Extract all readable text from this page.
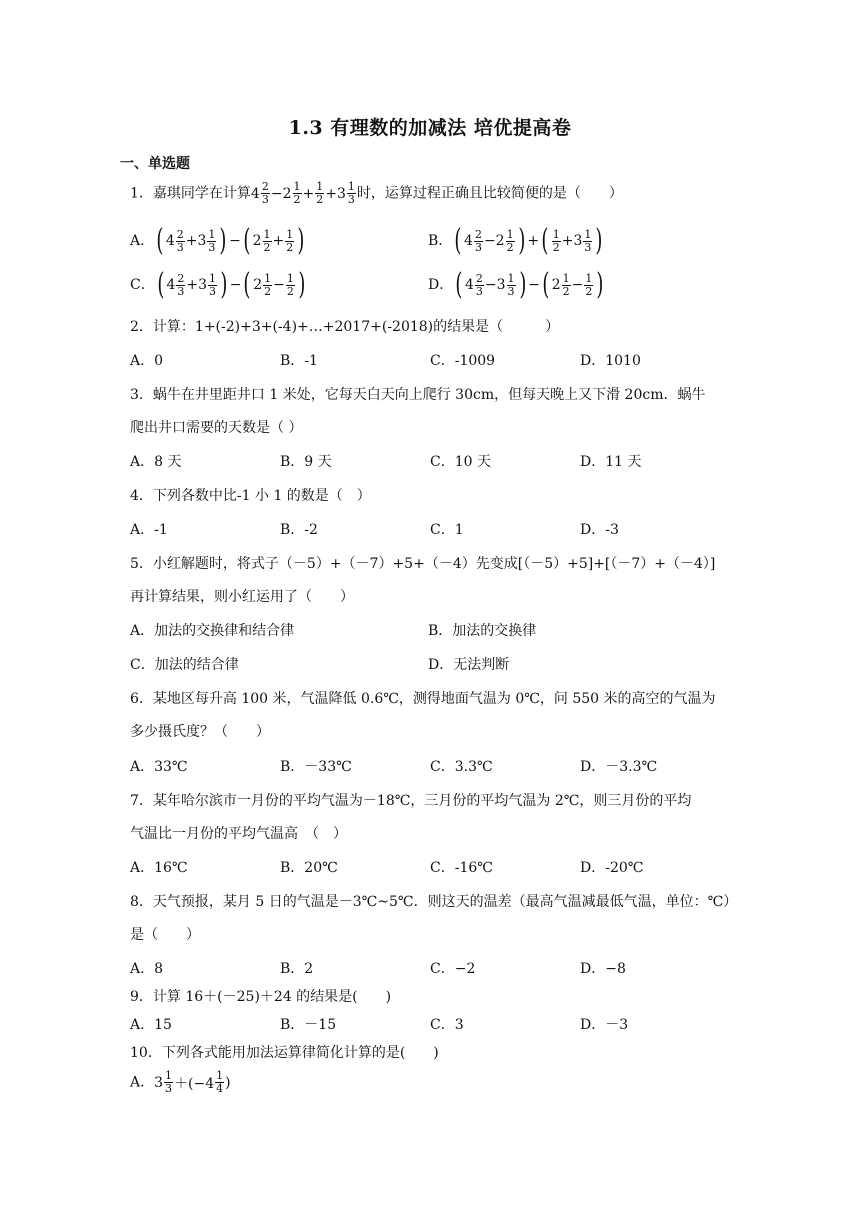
1.3 有理数的加减法 培优提高卷
一、单选题
1．嘉琪同学在计算 $4 \frac{2}{3} - 2 \frac{1}{2} + \frac{1}{2} + 3 \frac{1}{3}$ 时，运算过程正确且比较简便的是（　　）
A． ( $4 \frac{2}{3} + 3 \frac{1}{3}$ ) − ( $2 \frac{1}{2} + \frac{1}{2}$ )	B． ( $4 \frac{2}{3} - 2 \frac{1}{2}$ ) + ( $\frac{1}{2} + 3 \frac{1}{3}$ )
C． ( $4 \frac{2}{3} + 3 \frac{1}{3}$ ) − ( $2 \frac{1}{2} - \frac{1}{2}$ )	D． ( $4 \frac{2}{3} - 3 \frac{1}{3}$ ) − ( $2 \frac{1}{2} - \frac{1}{2}$ )
2．计算：1+(-2)+3+(-4)+…+2017+(-2018)的结果是（　　　）
A．0	B．-1	C．-1009	D．1010
3．蜗牛在井里距井口 1 米处，它每天白天向上爬行 30cm，但每天晚上又下滑 20cm．蜗牛
爬出井口需要的天数是（ ）
A．8 天	B．9 天	C．10 天	D．11 天
4．下列各数中比-1 小 1 的数是（　）
A．-1	B．-2	C．1	D．-3
5．小红解题时，将式子（－5）+（－7）+5+（－4）先变成[（－5）+5]+[（－7）+（－4）]
再计算结果，则小红运用了（　　）
A．加法的交换律和结合律	B．加法的交换律
C．加法的结合律	D．无法判断
6．某地区每升高 100 米，气温降低 0.6℃，测得地面气温为 0℃，问 550 米的高空的气温为
多少摄氏度？（　　）
A．33℃	B．－33℃	C．3.3℃	D．－3.3℃
7．某年哈尔滨市一月份的平均气温为－18℃，三月份的平均气温为 2℃，则三月份的平均
气温比一月份的平均气温高　（　）
A．16℃	B．20℃	C．-16℃	D．-20℃
8．天气预报，某月 5 日的气温是－3℃~5℃．则这天的温差（最高气温减最低气温，单位：℃）
是（　　）
A．8	B．2	C．−2	D．−8
9．计算 16＋(－25)＋24 的结果是(　　)
A．15	B．－15	C．3	D．－3
10．下列各式能用加法运算律简化计算的是(　　)
A． $3 \frac{1}{3} +(-4 \frac{1}{4}$ )
